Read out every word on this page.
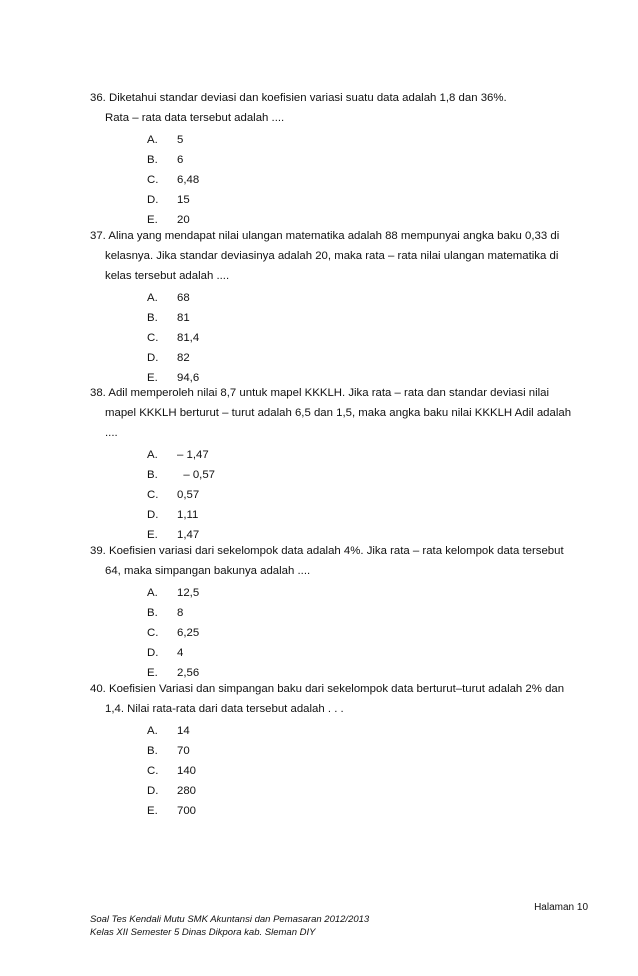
36. Diketahui standar deviasi dan koefisien variasi suatu data adalah 1,8 dan 36%.
Rata – rata data tersebut adalah ....
A. 5
B. 6
C. 6,48
D. 15
E. 20
37. Alina yang mendapat nilai ulangan matematika adalah 88 mempunyai angka baku 0,33 di
kelasnya. Jika standar deviasinya adalah 20, maka rata – rata nilai ulangan matematika di
kelas tersebut adalah ....
A. 68
B. 81
C. 81,4
D. 82
E. 94,6
38. Adil memperoleh nilai 8,7 untuk mapel KKKLH. Jika rata – rata dan standar deviasi nilai
mapel KKKLH berturut – turut adalah 6,5 dan 1,5, maka angka baku nilai KKKLH Adil adalah
....
A. – 1,47
B.  – 0,57
C. 0,57
D. 1,11
E. 1,47
39. Koefisien variasi dari sekelompok data adalah 4%. Jika rata – rata kelompok data tersebut
64, maka simpangan bakunya adalah ....
A. 12,5
B. 8
C. 6,25
D. 4
E. 2,56
40. Koefisien Variasi dan simpangan baku dari sekelompok data berturut–turut adalah 2% dan
1,4. Nilai rata-rata dari data tersebut adalah . . .
A. 14
B. 70
C. 140
D. 280
E. 700
Halaman 10
Soal Tes Kendali Mutu SMK Akuntansi dan Pemasaran 2012/2013
Kelas XII Semester 5 Dinas Dikpora kab. Sleman DIY
